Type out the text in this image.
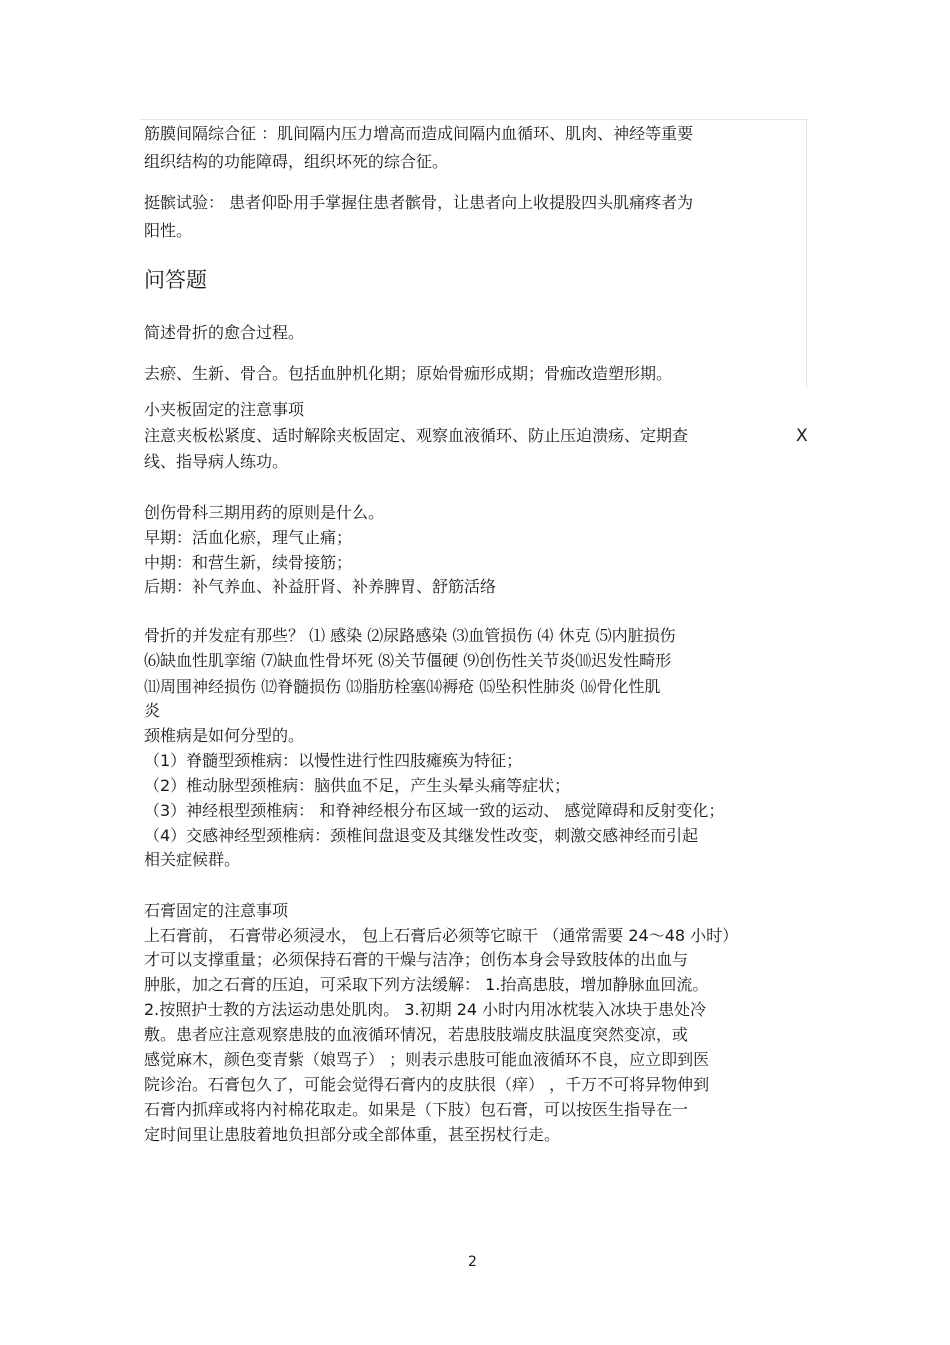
筋膜间隔综合征 ：肌间隔内压力增高而造成间隔内血循环、肌肉、神经等重要
组织结构的功能障碍，组织坏死的综合征。
挺髌试验： 患者仰卧用手掌握住患者髌骨，让患者向上收提股四头肌痛疼者为
阳性。
问答题
简述骨折的愈合过程。
去瘀、生新、骨合。包括血肿机化期；原始骨痂形成期；骨痂改造塑形期。
小夹板固定的注意事项
注意夹板松紧度、适时解除夹板固定、观察血液循环、防止压迫溃疡、定期查	X
线、指导病人练功。
创伤骨科三期用药的原则是什么。
早期：活血化瘀，理气止痛；
中期：和营生新，续骨接筋；
后期：补气养血、补益肝肾、补养脾胃、舒筋活络
骨折的并发症有那些？ ⑴ 感染 ⑵尿路感染 ⑶血管损伤 ⑷ 休克 ⑸内脏损伤
⑹缺血性肌挛缩 ⑺缺血性骨坏死 ⑻关节僵硬 ⑼创伤性关节炎⑽迟发性畸形
⑾周围神经损伤 ⑿脊髓损伤 ⒀脂肪栓塞⒁褥疮 ⒂坠积性肺炎 ⒃骨化性肌
炎
颈椎病是如何分型的。
（1）脊髓型颈椎病：以慢性进行性四肢瘫痪为特征；
（2）椎动脉型颈椎病：脑供血不足，产生头晕头痛等症状；
（3）神经根型颈椎病： 和脊神经根分布区域一致的运动、 感觉障碍和反射变化；
（4）交感神经型颈椎病：颈椎间盘退变及其继发性改变，刺激交感神经而引起
相关症候群。
石膏固定的注意事项
上石膏前， 石膏带必须浸水， 包上石膏后必须等它晾干 （通常需要 24～48 小时）
才可以支撑重量；必须保持石膏的干燥与洁净；创伤本身会导致肢体的出血与
肿胀，加之石膏的压迫，可采取下列方法缓解： 1.抬高患肢，增加静脉血回流。
2.按照护士教的方法运动患处肌肉。 3.初期 24 小时内用冰枕装入冰块于患处冷
敷。患者应注意观察患肢的血液循环情况，若患肢肢端皮肤温度突然变凉，或
感觉麻木，颜色变青紫（娘骂子） ；则表示患肢可能血液循环不良，应立即到医
院诊治。石膏包久了，可能会觉得石膏内的皮肤很（痒） ，千万不可将异物伸到
石膏内抓痒或将内衬棉花取走。如果是（下肢）包石膏，可以按医生指导在一
定时间里让患肢着地负担部分或全部体重，甚至拐杖行走。
2
